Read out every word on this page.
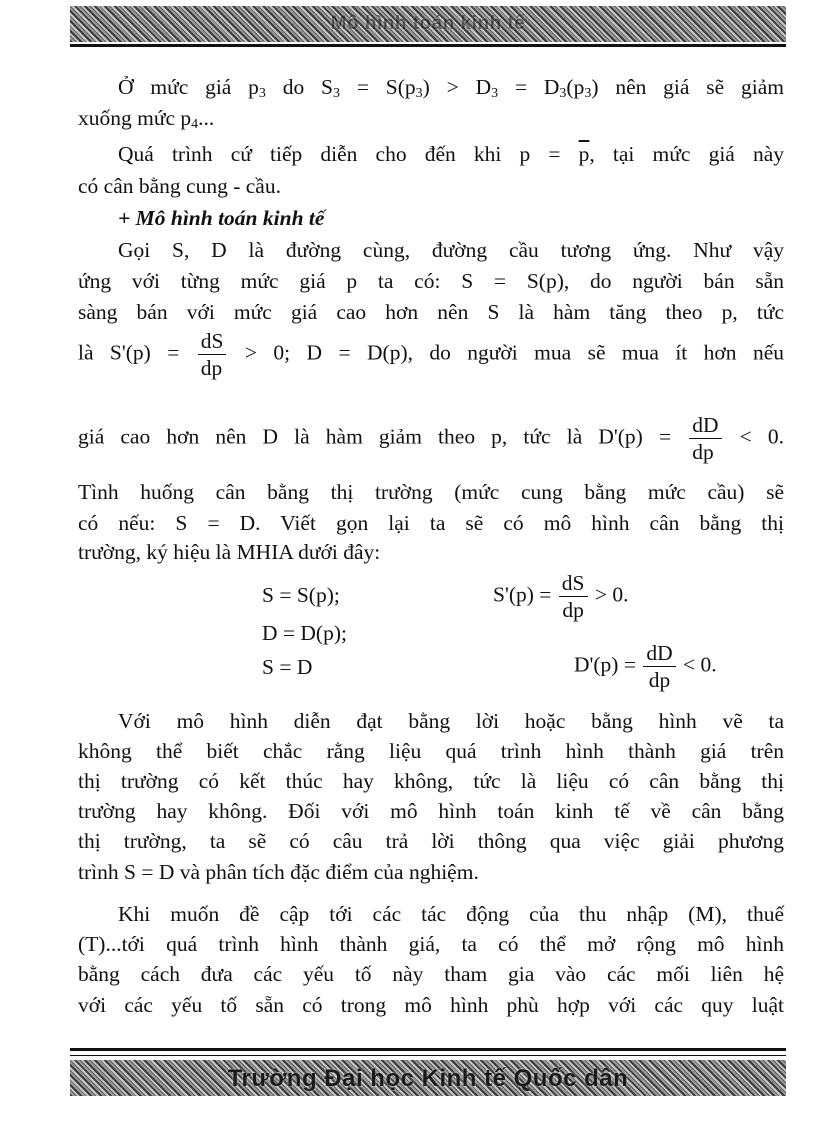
Mô hình toán kinh tế
Ở mức giá $p_3$ do $S_3 = S(p_3) > D_3 = D_3(p_3)$ nên giá sẽ giảm
xuống mức $p_4$...
Quá trình cứ tiếp diễn cho đến khi $p = \overline{p}$, tại mức giá này
có cân bằng cung - cầu.
+ Mô hình toán kinh tế
Gọi S, D là đường cùng, đường cầu tương ứng. Như vậy
ứng với từng mức giá p ta có: S = S(p), do người bán sẵn
sàng bán với mức giá cao hơn nên S là hàm tăng theo p, tức
là $S'(p) = \frac{dS}{dp} > 0$; D = D(p), do người mua sẽ mua ít hơn nếu
giá cao hơn nên D là hàm giảm theo p, tức là $D'(p) = \frac{dD}{dp} < 0$.
Tình huống cân bằng thị trường (mức cung bằng mức cầu) sẽ
có nếu: S = D. Viết gọn lại ta sẽ có mô hình cân bằng thị
trường, ký hiệu là MHIA dưới đây:
S = S(p);
D = D(p);
S = D
$S'(p) = \frac{dS}{dp} > 0$.
$D'(p) = \frac{dD}{dp} < 0$.
Với mô hình diễn đạt bằng lời hoặc bằng hình vẽ ta
không thể biết chắc rằng liệu quá trình hình thành giá trên
thị trường có kết thúc hay không, tức là liệu có cân bằng thị
trường hay không. Đối với mô hình toán kinh tế về cân bằng
thị trường, ta sẽ có câu trả lời thông qua việc giải phương
trình S = D và phân tích đặc điểm của nghiệm.
Khi muốn đề cập tới các tác động của thu nhập (M), thuế
(T)...tới quá trình hình thành giá, ta có thể mở rộng mô hình
bằng cách đưa các yếu tố này tham gia vào các mối liên hệ
với các yếu tố sẵn có trong mô hình phù hợp với các quy luật
Trường Đại học Kinh tế Quốc dân
